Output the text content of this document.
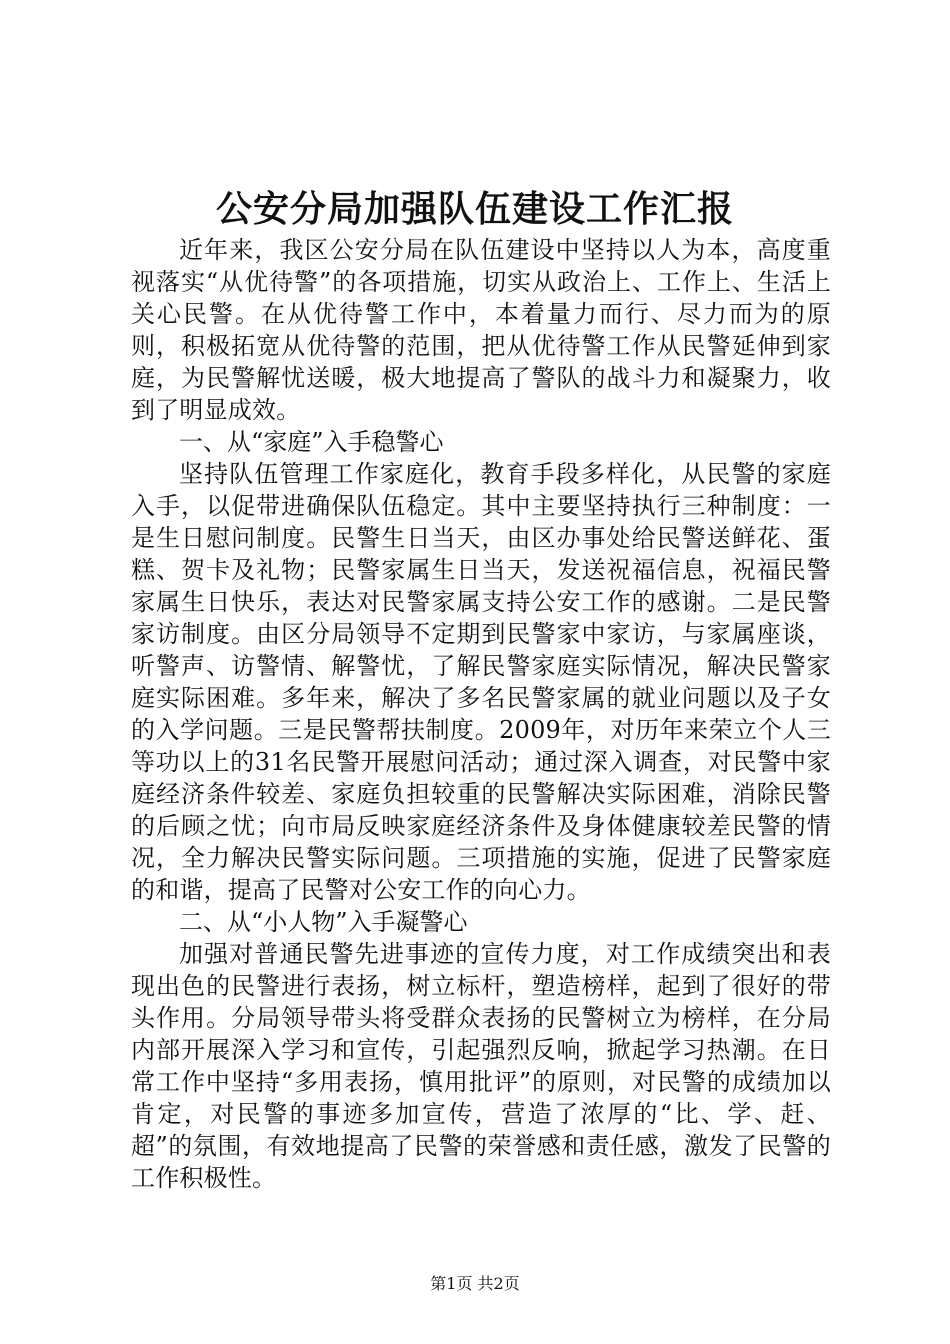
公安分局加强队伍建设工作汇报

近年来，我区公安分局在队伍建设中坚持以人为本，高度重视落实“从优待警”的各项措施，切实从政治上、工作上、生活上关心民警。在从优待警工作中，本着量力而行、尽力而为的原则，积极拓宽从优待警的范围，把从优待警工作从民警延伸到家庭，为民警解忧送暖，极大地提高了警队的战斗力和凝聚力，收到了明显成效。

一、从“家庭”入手稳警心

坚持队伍管理工作家庭化，教育手段多样化，从民警的家庭入手，以促带进确保队伍稳定。其中主要坚持执行三种制度：一是生日慰问制度。民警生日当天，由区办事处给民警送鲜花、蛋糕、贺卡及礼物；民警家属生日当天，发送祝福信息，祝福民警家属生日快乐，表达对民警家属支持公安工作的感谢。二是民警家访制度。由区分局领导不定期到民警家中家访，与家属座谈，听警声、访警情、解警忧，了解民警家庭实际情况，解决民警家庭实际困难。多年来，解决了多名民警家属的就业问题以及子女的入学问题。三是民警帮扶制度。2009年，对历年来荣立个人三等功以上的31名民警开展慰问活动；通过深入调查，对民警中家庭经济条件较差、家庭负担较重的民警解决实际困难，消除民警的后顾之忧；向市局反映家庭经济条件及身体健康较差民警的情况，全力解决民警实际问题。三项措施的实施，促进了民警家庭的和谐，提高了民警对公安工作的向心力。

二、从“小人物”入手凝警心

加强对普通民警先进事迹的宣传力度，对工作成绩突出和表现出色的民警进行表扬，树立标杆，塑造榜样，起到了很好的带头作用。分局领导带头将受群众表扬的民警树立为榜样，在分局内部开展深入学习和宣传，引起强烈反响，掀起学习热潮。在日常工作中坚持“多用表扬，慎用批评”的原则，对民警的成绩加以肯定，对民警的事迹多加宣传，营造了浓厚的“比、学、赶、超”的氛围，有效地提高了民警的荣誉感和责任感，激发了民警的工作积极性。

第1页 共2页
